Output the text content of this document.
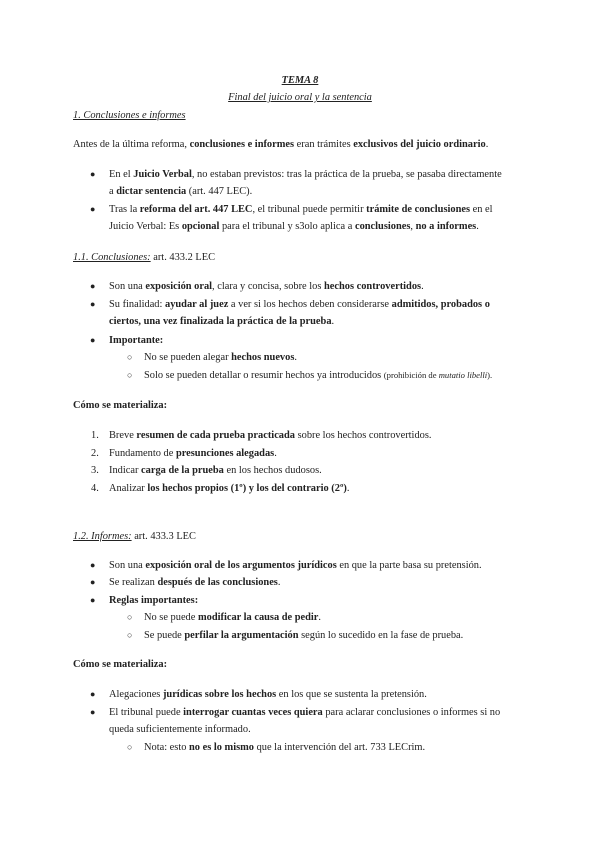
TEMA 8
Final del juicio oral y la sentencia
1. Conclusiones e informes
Antes de la última reforma, conclusiones e informes eran trámites exclusivos del juicio ordinario.
● En el Juicio Verbal, no estaban previstos: tras la práctica de la prueba, se pasaba directamente
a dictar sentencia (art. 447 LEC).
● Tras la reforma del art. 447 LEC, el tribunal puede permitir trámite de conclusiones en el
Juicio Verbal: Es opcional para el tribunal y s3olo aplica a conclusiones, no a informes.
1.1. Conclusiones: art. 433.2 LEC
● Son una exposición oral, clara y concisa, sobre los hechos controvertidos.
● Su finalidad: ayudar al juez a ver si los hechos deben considerarse admitidos, probados o
ciertos, una vez finalizada la práctica de la prueba.
● Importante:
○ No se pueden alegar hechos nuevos.
○ Solo se pueden detallar o resumir hechos ya introducidos (prohibición de mutatio libelli).
Cómo se materializa:
1. Breve resumen de cada prueba practicada sobre los hechos controvertidos.
2. Fundamento de presunciones alegadas.
3. Indicar carga de la prueba en los hechos dudosos.
4. Analizar los hechos propios (1º) y los del contrario (2º).
1.2. Informes: art. 433.3 LEC
● Son una exposición oral de los argumentos jurídicos en que la parte basa su pretensión.
● Se realizan después de las conclusiones.
● Reglas importantes:
○ No se puede modificar la causa de pedir.
○ Se puede perfilar la argumentación según lo sucedido en la fase de prueba.
Cómo se materializa:
● Alegaciones jurídicas sobre los hechos en los que se sustenta la pretensión.
● El tribunal puede interrogar cuantas veces quiera para aclarar conclusiones o informes si no
queda suficientemente informado.
○ Nota: esto no es lo mismo que la intervención del art. 733 LECrim.
